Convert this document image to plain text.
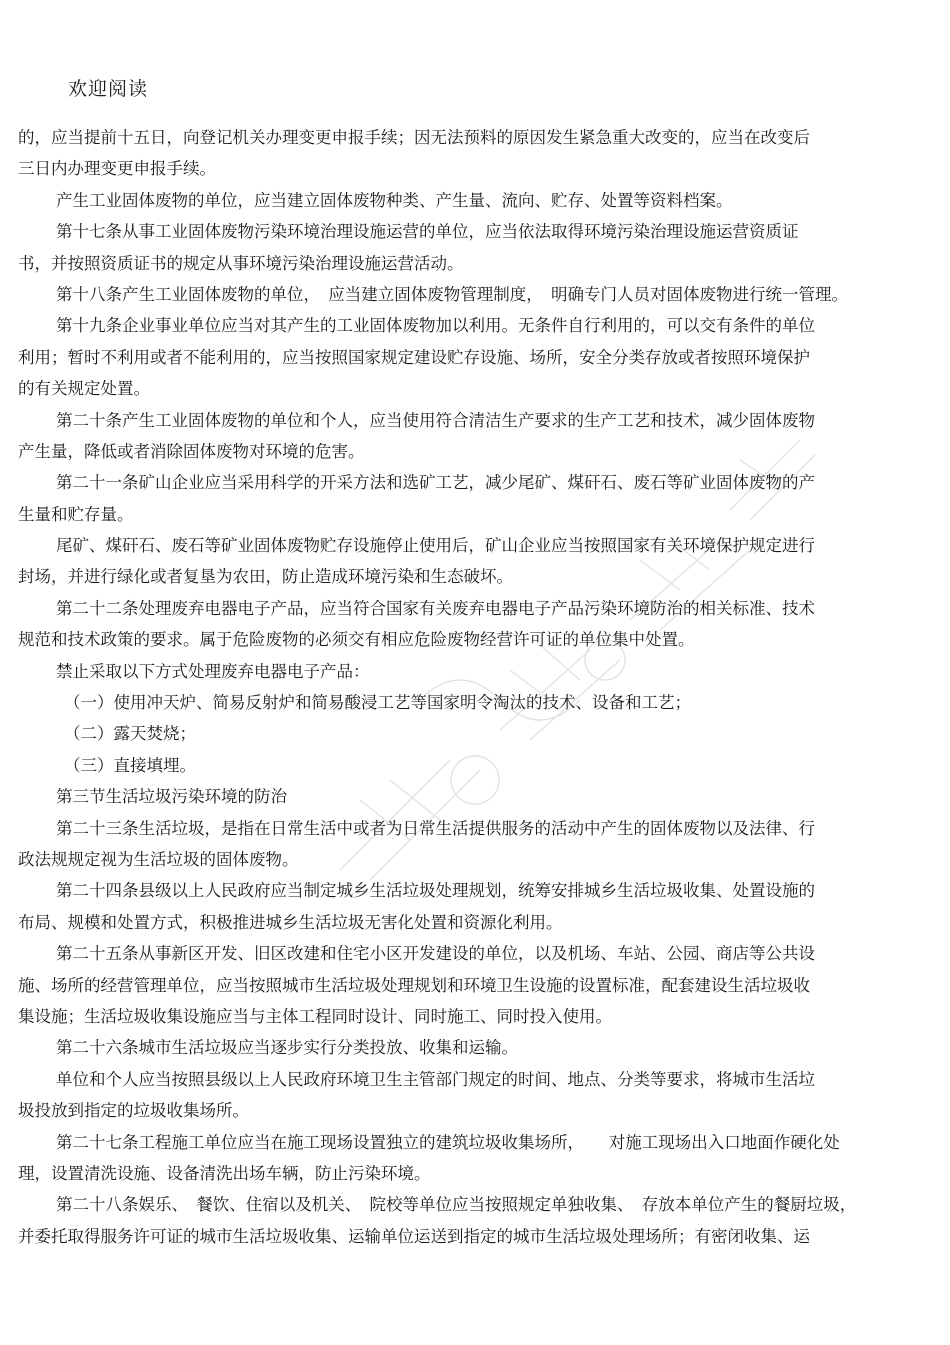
欢迎阅读
的，应当提前十五日，向登记机关办理变更申报手续；因无法预料的原因发生紧急重大改变的，应当在改变后
三日内办理变更申报手续。
产生工业固体废物的单位，应当建立固体废物种类、产生量、流向、贮存、处置等资料档案。
第十七条从事工业固体废物污染环境治理设施运营的单位，应当依法取得环境污染治理设施运营资质证
书，并按照资质证书的规定从事环境污染治理设施运营活动。
第十八条产生工业固体废物的单位，　应当建立固体废物管理制度，　明确专门人员对固体废物进行统一管理。
第十九条企业事业单位应当对其产生的工业固体废物加以利用。无条件自行利用的，可以交有条件的单位
利用；暂时不利用或者不能利用的，应当按照国家规定建设贮存设施、场所，安全分类存放或者按照环境保护
的有关规定处置。
第二十条产生工业固体废物的单位和个人，应当使用符合清洁生产要求的生产工艺和技术，减少固体废物
产生量，降低或者消除固体废物对环境的危害。
第二十一条矿山企业应当采用科学的开采方法和选矿工艺，减少尾矿、煤矸石、废石等矿业固体废物的产
生量和贮存量。
尾矿、煤矸石、废石等矿业固体废物贮存设施停止使用后，矿山企业应当按照国家有关环境保护规定进行
封场，并进行绿化或者复垦为农田，防止造成环境污染和生态破坏。
第二十二条处理废弃电器电子产品，应当符合国家有关废弃电器电子产品污染环境防治的相关标准、技术
规范和技术政策的要求。属于危险废物的必须交有相应危险废物经营许可证的单位集中处置。
禁止采取以下方式处理废弃电器电子产品：
（一）使用冲天炉、简易反射炉和简易酸浸工艺等国家明令淘汰的技术、设备和工艺；
（二）露天焚烧；
（三）直接填埋。
第三节生活垃圾污染环境的防治
第二十三条生活垃圾，是指在日常生活中或者为日常生活提供服务的活动中产生的固体废物以及法律、行
政法规规定视为生活垃圾的固体废物。
第二十四条县级以上人民政府应当制定城乡生活垃圾处理规划，统筹安排城乡生活垃圾收集、处置设施的
布局、规模和处置方式，积极推进城乡生活垃圾无害化处置和资源化利用。
第二十五条从事新区开发、旧区改建和住宅小区开发建设的单位，以及机场、车站、公园、商店等公共设
施、场所的经营管理单位，应当按照城市生活垃圾处理规划和环境卫生设施的设置标准，配套建设生活垃圾收
集设施；生活垃圾收集设施应当与主体工程同时设计、同时施工、同时投入使用。
第二十六条城市生活垃圾应当逐步实行分类投放、收集和运输。
单位和个人应当按照县级以上人民政府环境卫生主管部门规定的时间、地点、分类等要求，将城市生活垃
圾投放到指定的垃圾收集场所。
第二十七条工程施工单位应当在施工现场设置独立的建筑垃圾收集场所，　　对施工现场出入口地面作硬化处
理，设置清洗设施、设备清洗出场车辆，防止污染环境。
第二十八条娱乐、　餐饮、住宿以及机关、　院校等单位应当按照规定单独收集、　存放本单位产生的餐厨垃圾，
并委托取得服务许可证的城市生活垃圾收集、运输单位运送到指定的城市生活垃圾处理场所；有密闭收集、运
